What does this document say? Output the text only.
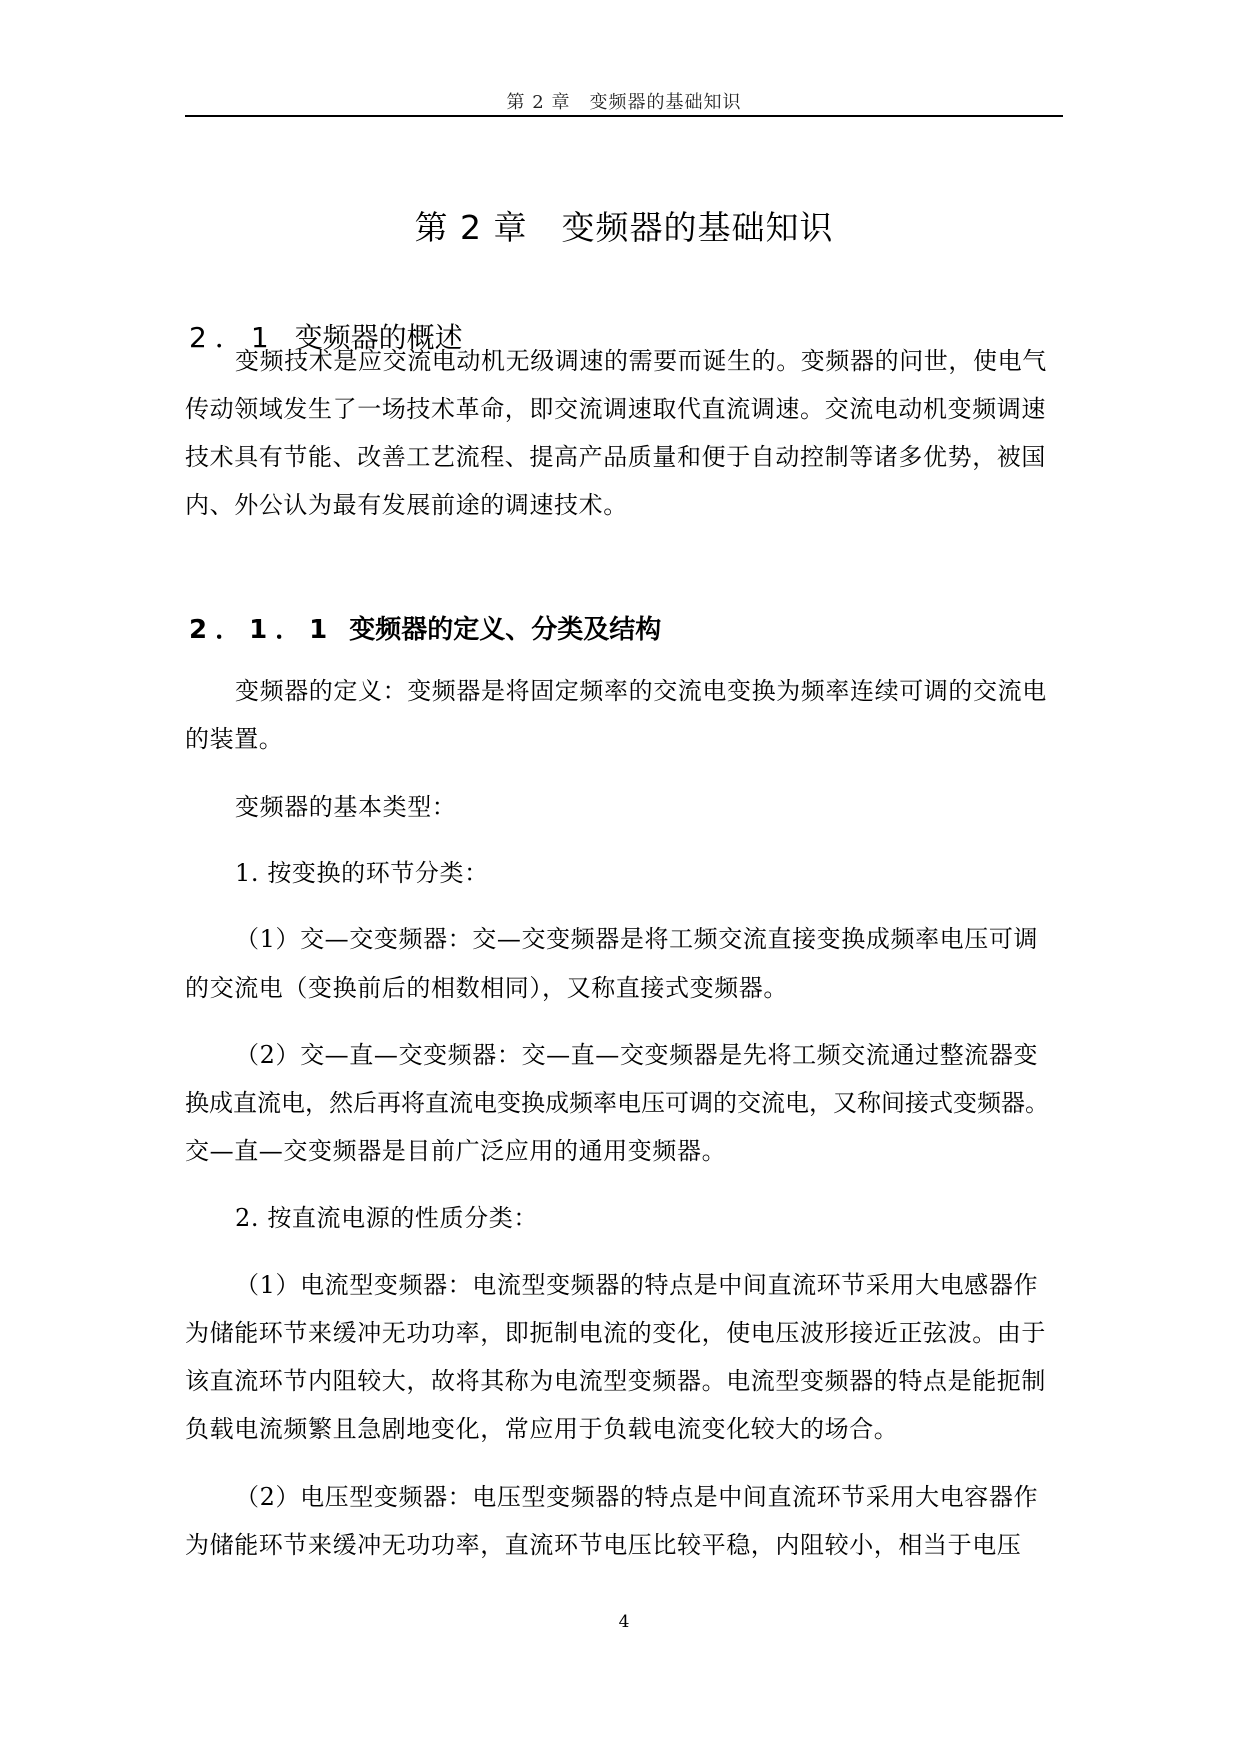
第 2 章　变频器的基础知识
第 2 章　变频器的基础知识
2．1 变频器的概述
变频技术是应交流电动机无级调速的需要而诞生的。变频器的问世，使电气
传动领域发生了一场技术革命，即交流调速取代直流调速。交流电动机变频调速
技术具有节能、改善工艺流程、提高产品质量和便于自动控制等诸多优势，被国
内、外公认为最有发展前途的调速技术。
2．1．1 变频器的定义、分类及结构
变频器的定义：变频器是将固定频率的交流电变换为频率连续可调的交流电
的装置。
变频器的基本类型：
1. 按变换的环节分类：
（1）交—交变频器：交—交变频器是将工频交流直接变换成频率电压可调
的交流电（变换前后的相数相同），又称直接式变频器。
（2）交—直—交变频器：交—直—交变频器是先将工频交流通过整流器变
换成直流电，然后再将直流电变换成频率电压可调的交流电，又称间接式变频器。
交—直—交变频器是目前广泛应用的通用变频器。
2. 按直流电源的性质分类：
（1）电流型变频器：电流型变频器的特点是中间直流环节采用大电感器作
为储能环节来缓冲无功功率，即扼制电流的变化，使电压波形接近正弦波。由于
该直流环节内阻较大，故将其称为电流型变频器。电流型变频器的特点是能扼制
负载电流频繁且急剧地变化，常应用于负载电流变化较大的场合。
（2）电压型变频器：电压型变频器的特点是中间直流环节采用大电容器作
为储能环节来缓冲无功功率，直流环节电压比较平稳，内阻较小，相当于电压
4
